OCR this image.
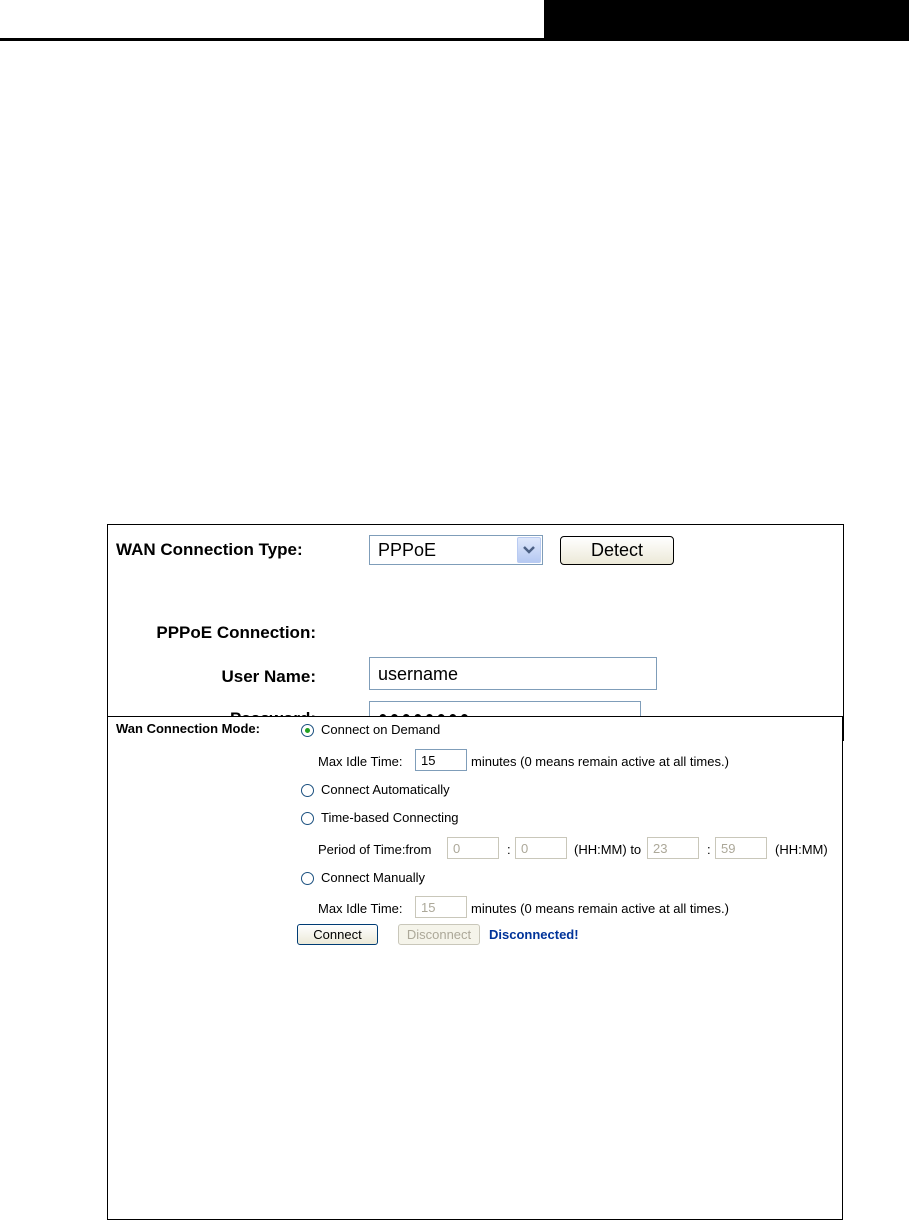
WAN Connection Type:	PPPoE	Detect
PPPoE Connection:
User Name:	username
Wan Connection Mode:	Connect on Demand
Max Idle Time:	15	minutes (0 means remain active at all times.)
Connect Automatically
Time-based Connecting
Period of Time:from	0	: 0	(HH:MM) to 23	: 59	(HH:MM)
Connect Manually
Max Idle Time:	15	minutes (0 means remain active at all times.)
Connect	Disconnect	Disconnected!
